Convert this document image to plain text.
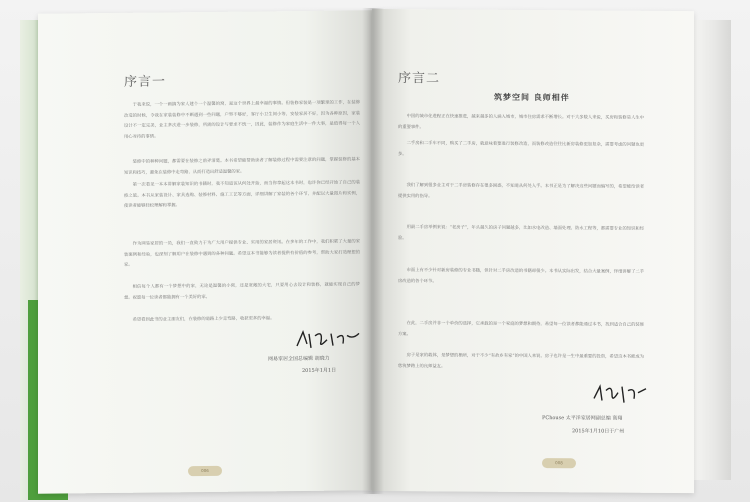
序言一

于我来说，一个一画搞为家人建个一个温馨的窝，是这个世界上最幸福的事情。但装修家装是一项繁琐的工作，在装修改造的时候，令我在家装装修中不断遇到一些问题，户型不够好，客厅小卫生间小等，安装家居不好，因为各种原因，家装设计不一定完美，业主多次进一步装修，所需的设计与要求不统一，因此，装修作为家庭生活中一件大事，是值得每一个人用心对待的事情。

装修中的种种问题，都需要在装修之前弄清楚。本书希望能帮助读者了解装修过程中需要注意的问题，掌握装修的基本知识和技巧，避免在装修中走弯路，从而打造出舒适温馨的家。

第一次看见一本本讲解家装知识的书籍时，我不知道该从何处开始，而当你拿起这本书时，也许你已经开始了自己的装修之旅。本书从家装设计、家具选购、装修材料、施工工艺等方面，详细讲解了家装的各个环节，并配以大量图片和实例，使读者能够轻松理解和掌握。

作为网易家居的一员，我们一直致力于为广大用户提供专业、实用的家居资讯。在多年的工作中，我们积累了大量的家装案例和经验，也深刻了解用户在装修中遇到的各种问题。希望这本书能够为读者提供有价值的参考，帮助大家打造理想的家。

相信每个人都有一个梦想中的家，无论是温馨的小窝，还是宽敞的大宅，只要用心去设计和装修，就能实现自己的梦想。祝愿每一位读者都能拥有一个美好的家。

希望看到此书的业主朋友们，在装修的道路上少走弯路，收获更多的幸福。

网易家居全国总编辑 胡晓力
2015年1月1日
006
序言二
筑梦空间 良师相伴

中国的城市化进程正在快速推进，越来越多的人涌入城市，城市住房需求不断增长。对于大多数人来说，买房和装修是人生中的重要事件。

二手房和二手车不同，购买了二手房，就意味着要进行装修改造，而装修改造往往比新房装修更加复杂，需要考虑的问题也更多。

我们了解到很多业主对于二手房装修存在很多困惑，不知道从何处入手。本书正是为了解决这些问题而编写的，希望能给读者提供实用的指导。

用最二手房举例来说：“老房子”，年头越久的房子问题越多，比如水电改造、墙面处理、防水工程等，都需要专业的知识和经验。

市面上有不少针对新房装修的专业书籍，但针对二手房改造的书籍却很少。本书从实际出发，结合大量案例，详细讲解了二手房改造的各个环节。

在此，二手房并非一个单价的选择，它承载的是一个家庭的梦想和期待，希望每一位读者都能通过本书，找到适合自己的装修方案。

房子是家的载体，是梦想的栖所，对于不少“有故乡有家”的中国人来说，房子也许是一生中最重要的投资，希望这本书能成为您筑梦路上的良师益友。

PChouse 太平洋家居网副总编 高翔
2015年1月10日于广州
008
